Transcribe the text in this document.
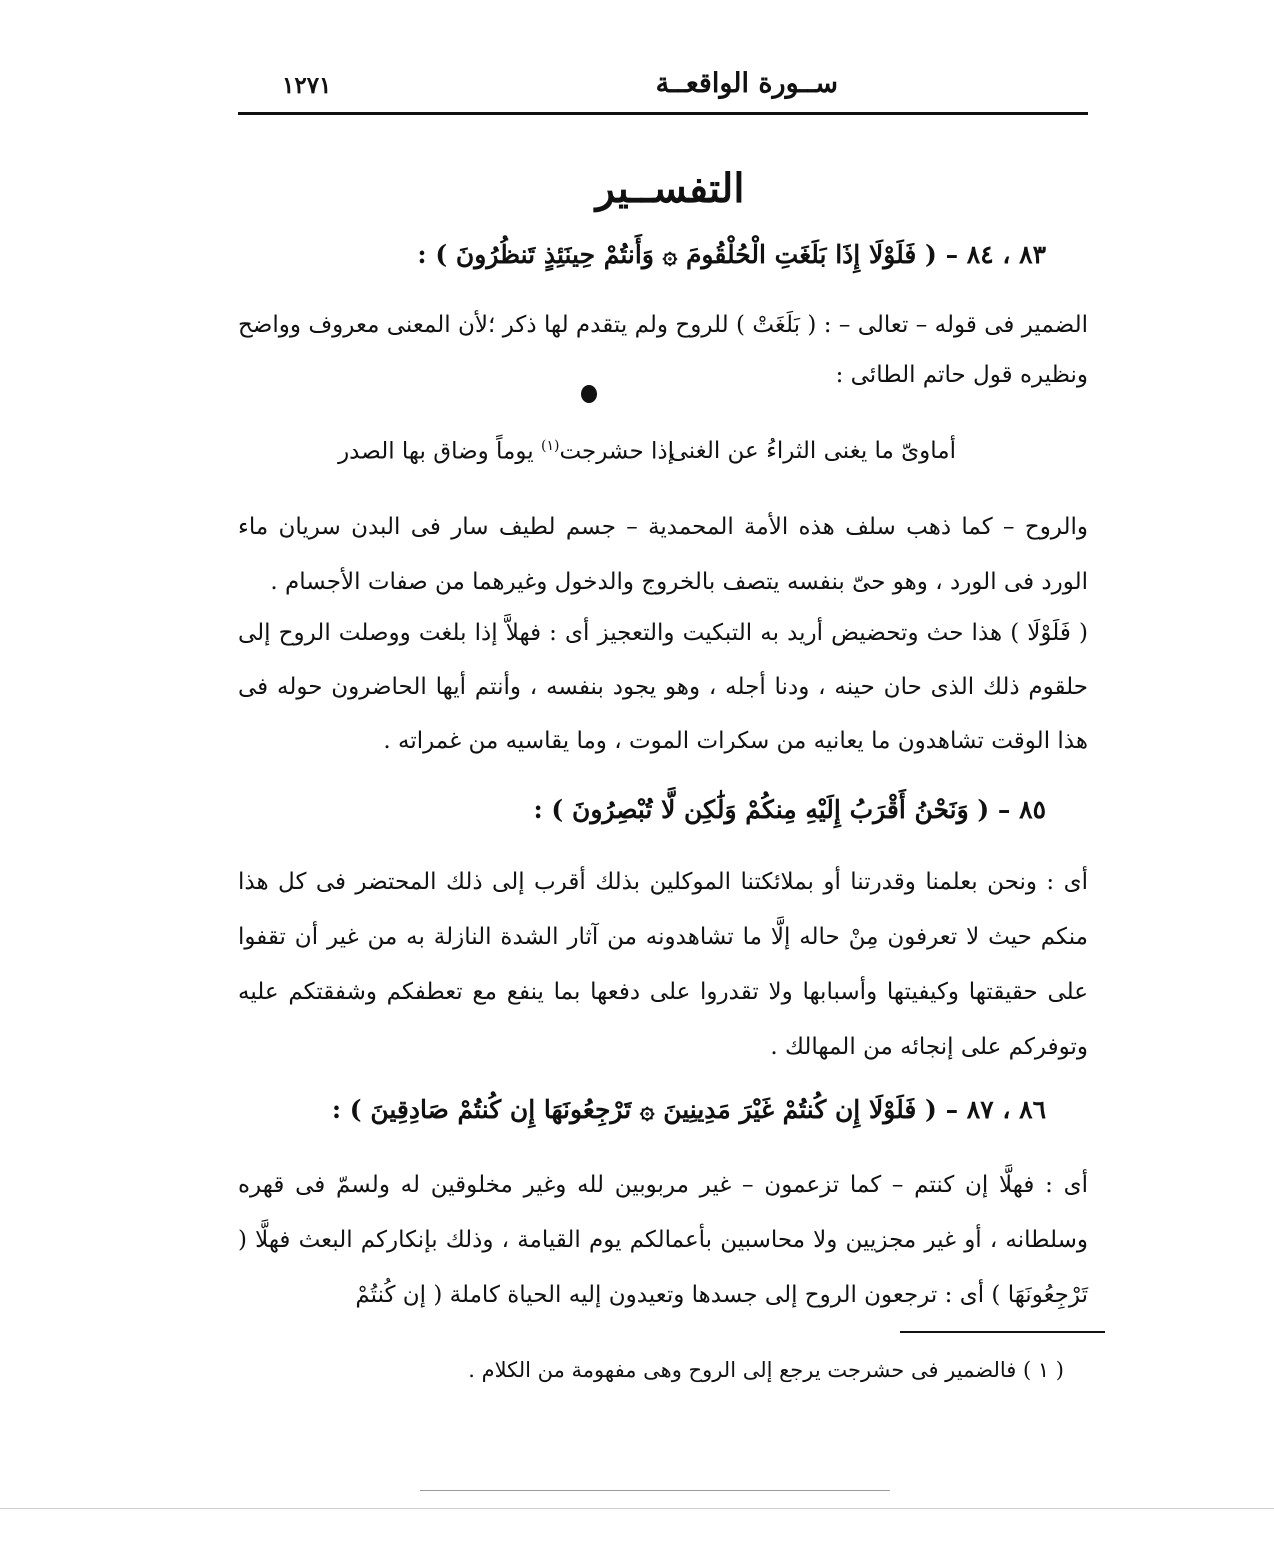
ســورة الواقعــة
١٢٧١
التفســير
٨٣ ، ٨٤ – ( فَلَوْلَا إِذَا بَلَغَتِ الْحُلْقُومَ ۞ وَأَنتُمْ حِينَئِذٍ تَنظُرُونَ ) :
الضمير فى قوله – تعالى – : ( بَلَغَتْ ) للروح ولم يتقدم لها ذكر ؛لأن المعنى معروف وواضح
ونظيره قول حاتم الطائى :
أماوىّ ما يغنى الثراءُ عن الغنى
إذا حشرجت$^{(١)}$ يوماً وضاق بها الصدر
والروح – كما ذهب سلف هذه الأمة المحمدية – جسم لطيف سار فى البدن سريان ماء الورد فى الورد ، وهو حىّ بنفسه يتصف بالخروج والدخول وغيرهما من صفات الأجسام .
( فَلَوْلَا ) هذا حث وتحضيض أريد به التبكيت والتعجيز أى : فهلاَّ إذا بلغت ووصلت الروح إلى حلقوم ذلك الذى حان حينه ، ودنا أجله ، وهو يجود بنفسه ، وأنتم أيها الحاضرون حوله فى هذا الوقت تشاهدون ما يعانيه من سكرات الموت ، وما يقاسيه من غمراته .
٨٥ – ( وَنَحْنُ أَقْرَبُ إِلَيْهِ مِنكُمْ وَلَٰكِن لَّا تُبْصِرُونَ ) :
أى : ونحن بعلمنا وقدرتنا أو بملائكتنا الموكلين بذلك أقرب إلى ذلك المحتضر فى كل هذا منكم حيث لا تعرفون مِنْ حاله إلَّا ما تشاهدونه من آثار الشدة النازلة به من غير أن تقفوا على حقيقتها وكيفيتها وأسبابها ولا تقدروا على دفعها بما ينفع مع تعطفكم وشفقتكم عليه وتوفركم على إنجائه من المهالك .
٨٦ ، ٨٧ – ( فَلَوْلَا إِن كُنتُمْ غَيْرَ مَدِينِينَ ۞ تَرْجِعُونَهَا إِن كُنتُمْ صَادِقِينَ ) :
أى : فهلَّا إن كنتم – كما تزعمون – غير مربوبين لله وغير مخلوقين له ولسمّ فى قهره وسلطانه ، أو غير مجزيين ولا محاسبين بأعمالكم يوم القيامة ، وذلك بإنكاركم البعث فهلَّا ( تَرْجِعُونَهَا ) أى : ترجعون الروح إلى جسدها وتعيدون إليه الحياة كاملة ( إن كُنتُمْ
( ١ ) فالضمير فى حشرجت يرجع إلى الروح وهى مفهومة من الكلام .
